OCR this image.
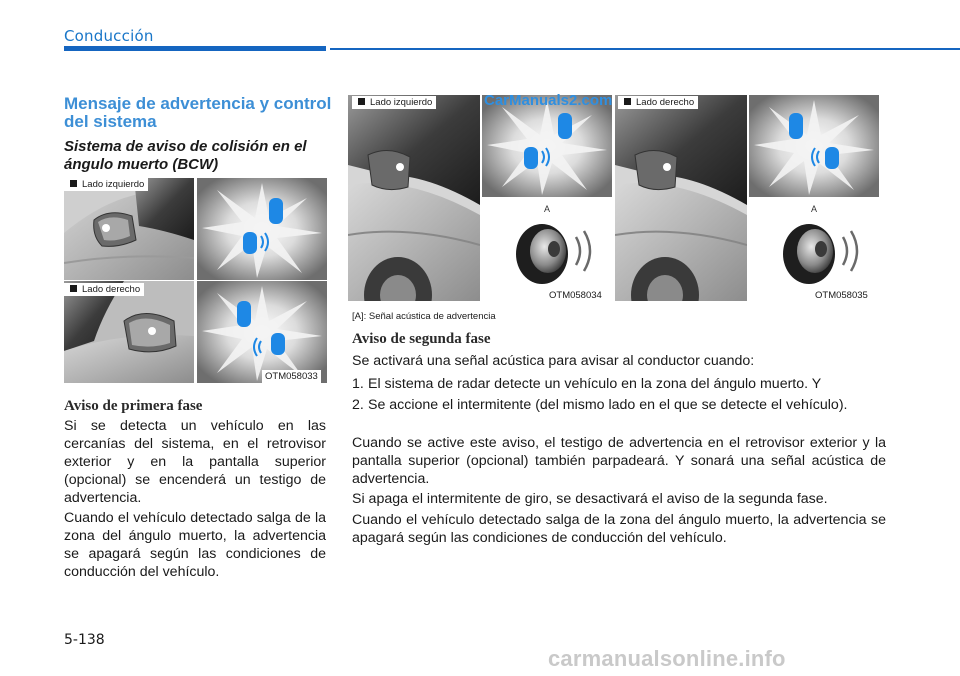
Conducción
Mensaje de advertencia y control del sistema
Sistema de aviso de colisión en el ángulo muerto (BCW)
Lado izquierdo
Lado derecho
OTM058033
Aviso de primera fase

Si se detecta un vehículo en las cercanías del sistema, en el retrovisor exterior y en la pantalla superior (opcional) se encenderá un testigo de advertencia.

Cuando el vehículo detectado salga de la zona del ángulo muerto, la advertencia se apagará según las condiciones de conducción del vehículo.

A
Lado izquierdo
OTM058034
A
Lado derecho
OTM058035
CarManuals2.com
[A]: Señal acústica de advertencia
Aviso de segunda fase

Se activará una señal acústica para avisar al conductor cuando:

1. El sistema de radar detecte un vehículo en la zona del ángulo muerto. Y
2. Se accione el intermitente (del mismo lado en el que se detecte el vehículo).

Cuando se active este aviso, el testigo de advertencia en el retrovisor exterior y la pantalla superior (opcional) también parpadeará. Y sonará una señal acústica de advertencia.

Si apaga el intermitente de giro, se desactivará el aviso de la segunda fase.

Cuando el vehículo detectado salga de la zona del ángulo muerto, la advertencia se apagará según las condiciones de conducción del vehículo.

5-138
carmanualsonline.info
